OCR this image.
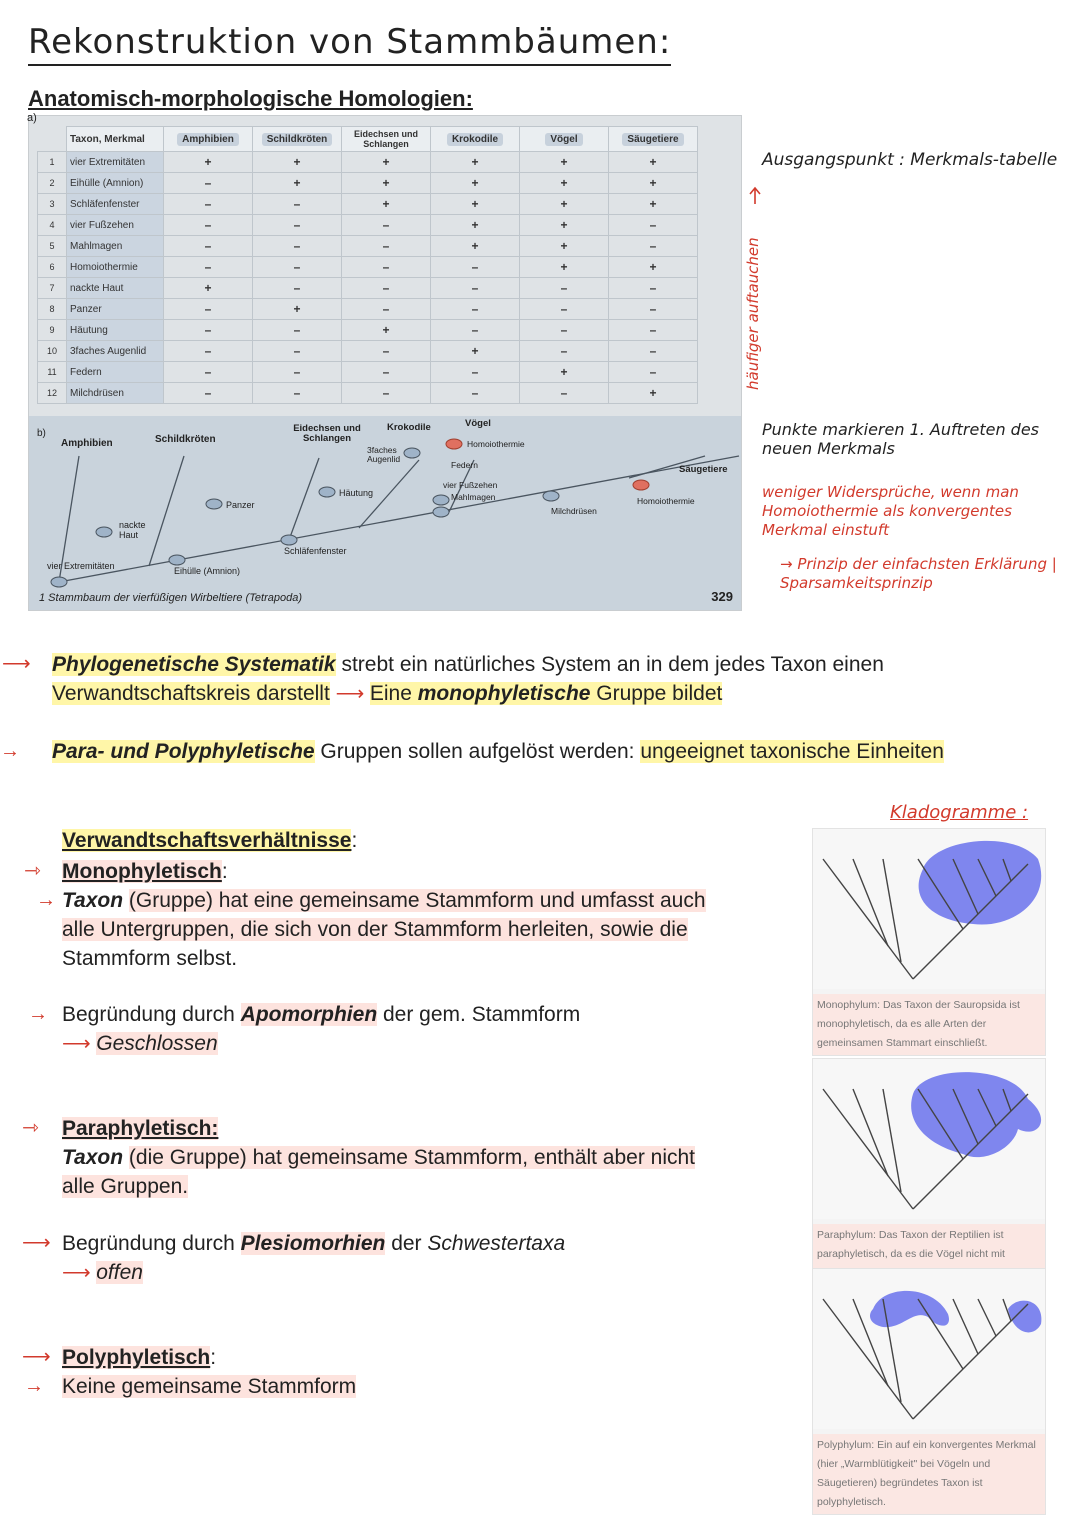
Rekonstruktion von Stammbäumen:
Anatomisch-morphologische Homologien:
a)
	Taxon, Merkmal	Amphibien	Schildkröten	Eidechsen und Schlangen	Krokodile	Vögel	Säugetiere
1	vier Extremitäten	+	+	+	+	+	+
2	Eihülle (Amnion)	–	+	+	+	+	+
3	Schläfenfenster	–	–	+	+	+	+
4	vier Fußzehen	–	–	–	+	+	–
5	Mahlmagen	–	–	–	+	+	–
6	Homoiothermie	–	–	–	–	+	+
7	nackte Haut	+	–	–	–	–	–
8	Panzer	–	+	–	–	–	–
9	Häutung	–	–	+	–	–	–
10	3faches Augenlid	–	–	–	+	–	–
11	Federn	–	–	–	–	+	–
12	Milchdrüsen	–	–	–	–	–	+
b)
Amphibien	Schildkröten
Eidechsen und Schlangen
Krokodile	Vögel
Säugetiere
nackte Haut
Panzer
Häutung
3faches Augenlid
Homoiothermie
Federn
vier Fußzehen
Mahlmagen
Milchdrüsen
Homoiothermie
Schläfenfenster
Eihülle (Amnion)
vier Extremitäten
1 Stammbaum der vierfüßigen Wirbeltiere (Tetrapoda)	329
häufiger auftauchen
Ausgangspunkt : Merkmals-tabelle
Punkte markieren 1. Auftreten des neuen Merkmals
weniger Widersprüche, wenn man Homoiothermie als konvergentes Merkmal einstuft
→ Prinzip der einfachsten Erklärung | Sparsamkeitsprinzip
⟶	Phylogenetische Systematik strebt ein natürliches System an in dem jedes Taxon einen
Verwandtschaftskreis darstellt ⟶ Eine monophyletische Gruppe bildet
→	Para- und Polyphyletische Gruppen sollen aufgelöst werden: ungeeignet taxonische Einheiten
Kladogramme :
Verwandtschaftsverhältnisse:
⇾	Monophyletisch:
→ Taxon (Gruppe) hat eine gemeinsame Stammform und umfasst auch
alle Untergruppen, die sich von der Stammform herleiten, sowie die
Stammform selbst.
→ Begründung durch Apomorphien der gem. Stammform
⟶ Geschlossen
⇾	Paraphyletisch:
Taxon (die Gruppe) hat gemeinsame Stammform, enthält aber nicht
alle Gruppen.
⟶ Begründung durch Plesiomorhien der Schwestertaxa
⟶ offen
⟶ Polyphyletisch:
→ Keine gemeinsame Stammform
Monophylum: Das Taxon der Sauropsida ist monophyletisch, da es alle Arten der gemeinsamen Stammart einschließt.
Paraphylum: Das Taxon der Reptilien ist paraphyletisch, da es die Vögel nicht mit
Polyphylum: Ein auf ein konvergentes Merkmal (hier „Warmblütigkeit" bei Vögeln und Säugetieren) begründetes Taxon ist polyphyletisch.
